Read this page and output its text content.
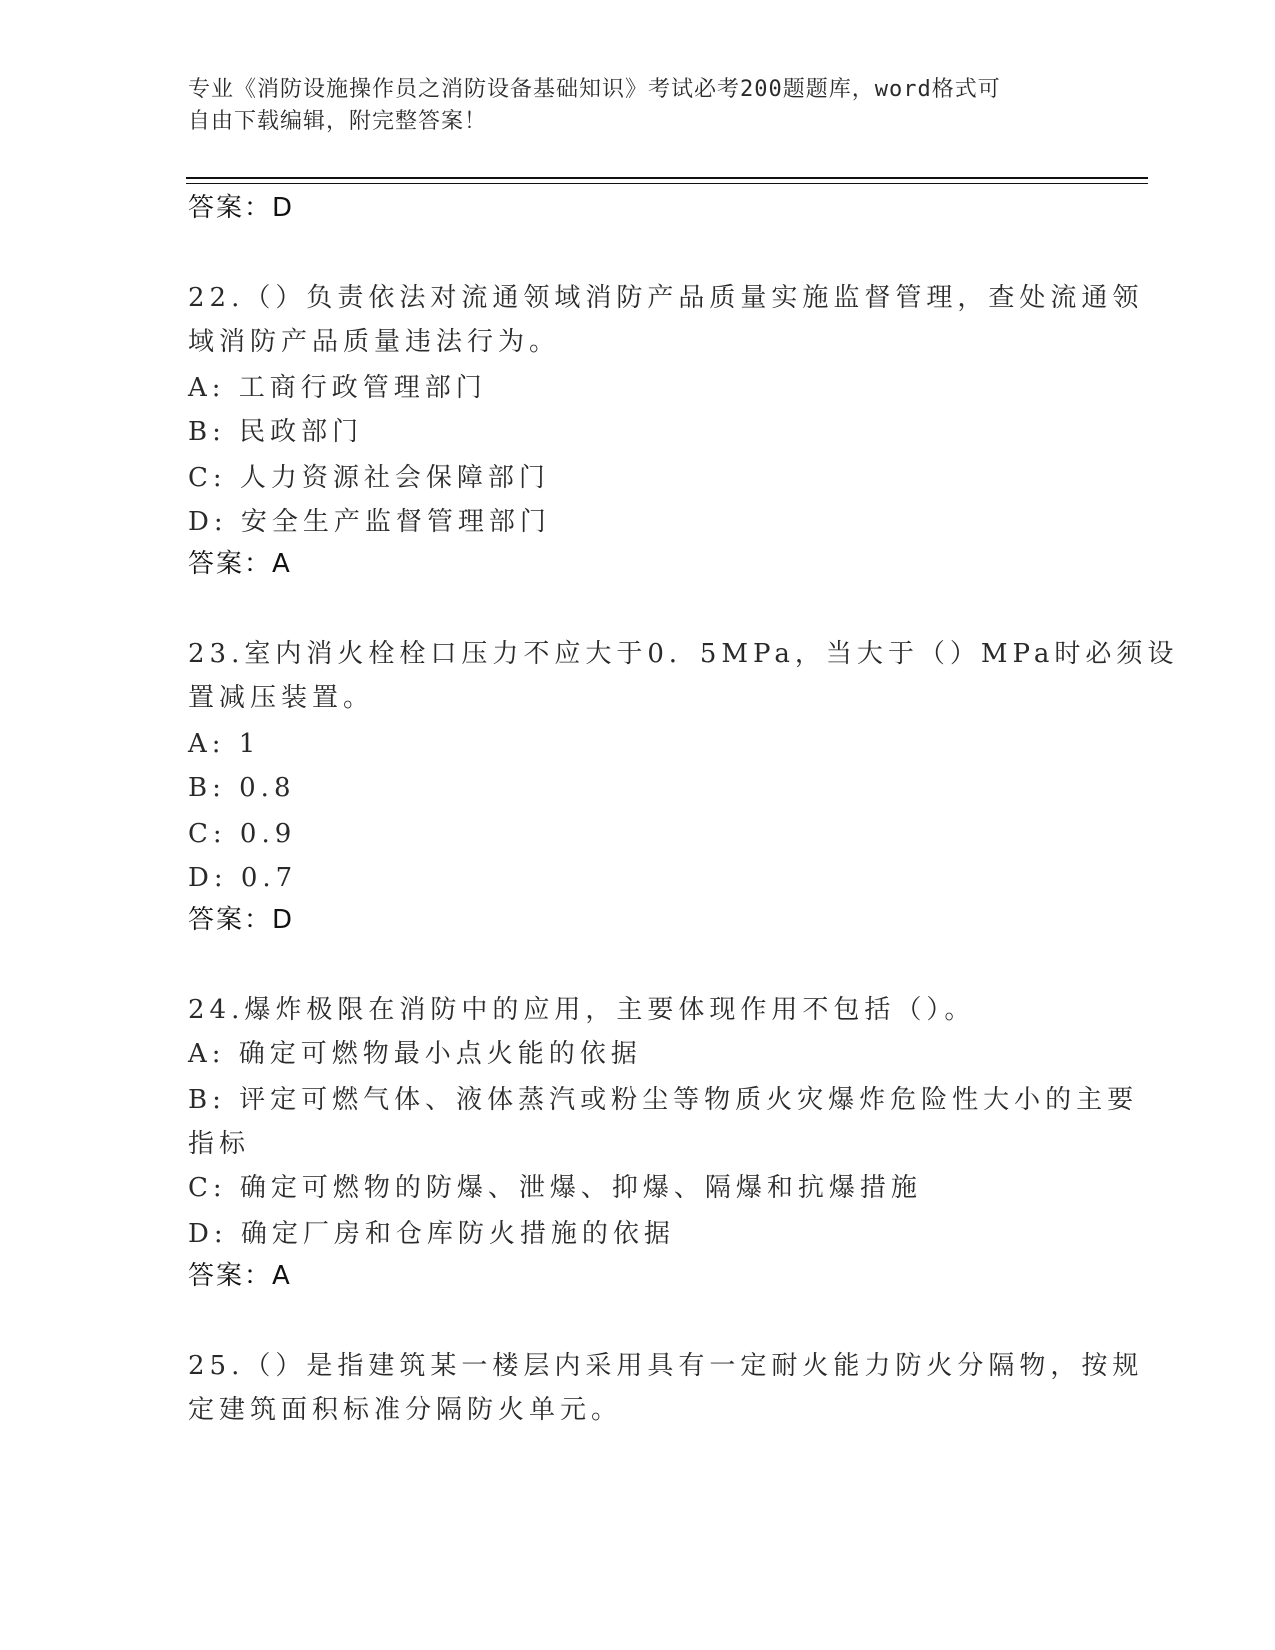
专业《消防设施操作员之消防设备基础知识》考试必考200题题库，word格式可
自由下载编辑，附完整答案！
答案：D
22.（）负责依法对流通领域消防产品质量实施监督管理，查处流通领
域消防产品质量违法行为。
A: 工商行政管理部门
B: 民政部门
C: 人力资源社会保障部门
D: 安全生产监督管理部门
答案：A
23.室内消火栓栓口压力不应大于0．5MPa，当大于（）MPa时必须设
置减压装置。
A: 1
B: 0.8
C: 0.9
D: 0.7
答案：D
24.爆炸极限在消防中的应用，主要体现作用不包括（）。
A: 确定可燃物最小点火能的依据
B: 评定可燃气体、液体蒸汽或粉尘等物质火灾爆炸危险性大小的主要
指标
C: 确定可燃物的防爆、泄爆、抑爆、隔爆和抗爆措施
D: 确定厂房和仓库防火措施的依据
答案：A
25.（）是指建筑某一楼层内采用具有一定耐火能力防火分隔物，按规
定建筑面积标准分隔防火单元。
